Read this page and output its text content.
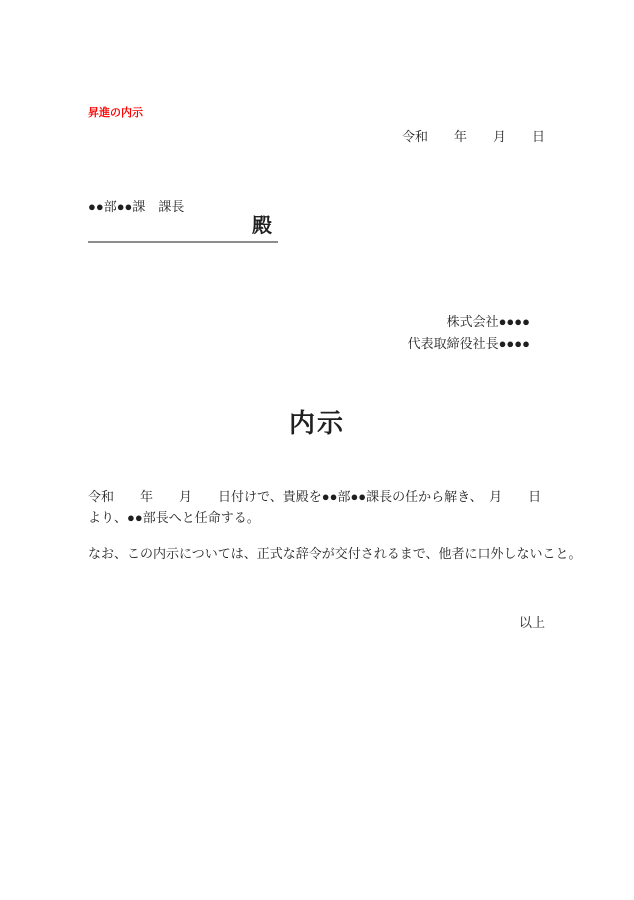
昇進の内示
令和　　年　　月　　日
●●部●●課　課長
殿
株式会社●●●●
代表取締役社長●●●●
内示
令和　　年　　月　　日付けで、貴殿を●●部●●課長の任から解き、　月　　日
より、●●部長へと任命する。
なお、この内示については、正式な辞令が交付されるまで、他者に口外しないこと。
以上
